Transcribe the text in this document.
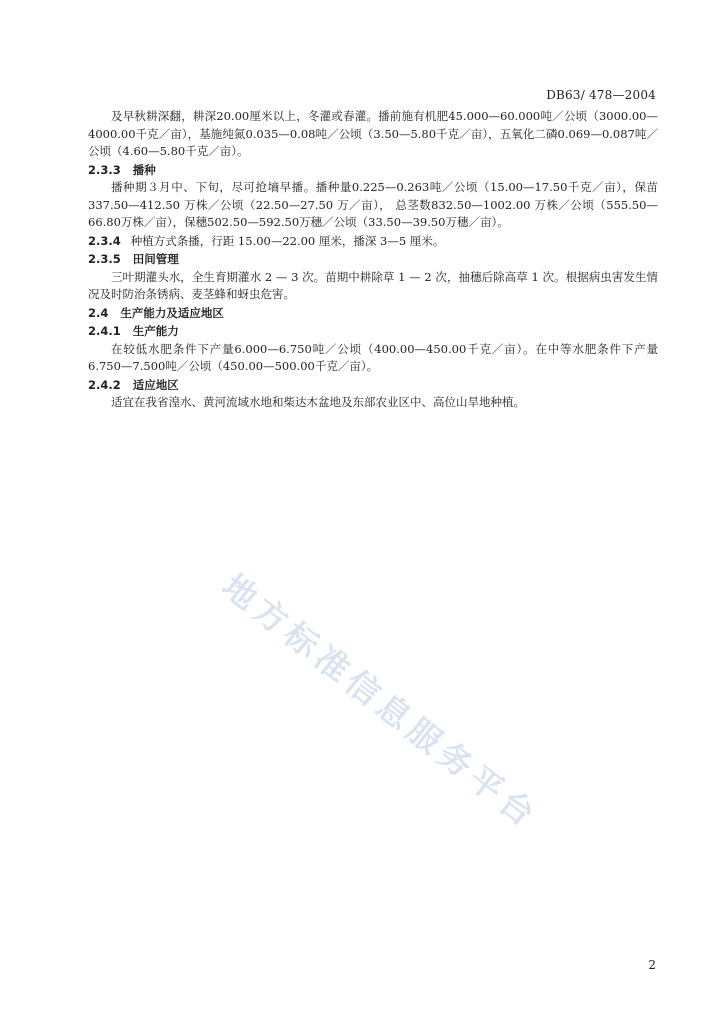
DB63/ 478—2004

及早秋耕深翻，耕深20.00厘米以上，冬灌或春灌。播前施有机肥45.000—60.000吨／公顷（3000.00—4000.00千克／亩），基施纯氮0.035—0.08吨／公顷（3.50—5.80千克／亩），五氧化二磷0.069—0.087吨／公顷（4.60—5.80千克／亩）。

2.3.3 播种

播种期３月中、下旬，尽可抢墒早播。播种量0.225—0.263吨／公顷（15.00—17.50千克／亩），保苗337.50—412.50 万株／公顷（22.50—27.50 万／亩）， 总茎数832.50—1002.00 万株／公顷（555.50—66.80万株／亩），保穗502.50—592.50万穗／公顷（33.50—39.50万穗／亩）。

2.3.4 种植方式条播，行距 15.00—22.00 厘米，播深 3—5 厘米。
2.3.5 田间管理

三叶期灌头水，全生育期灌水 2 — 3 次。苗期中耕除草 1 — 2 次，抽穗后除高草 1 次。根据病虫害发生情况及时防治条锈病、麦茎蜂和蚜虫危害。

2.4 生产能力及适应地区
2.4.1 生产能力

在较低水肥条件下产量6.000—6.750吨／公顷（400.00—450.00千克／亩）。在中等水肥条件下产量6.750—7.500吨／公顷（450.00—500.00千克／亩）。

2.4.2 适应地区

适宜在我省湟水、黄河流域水地和柴达木盆地及东部农业区中、高位山旱地种植。

地方标准信息服务平台
2
